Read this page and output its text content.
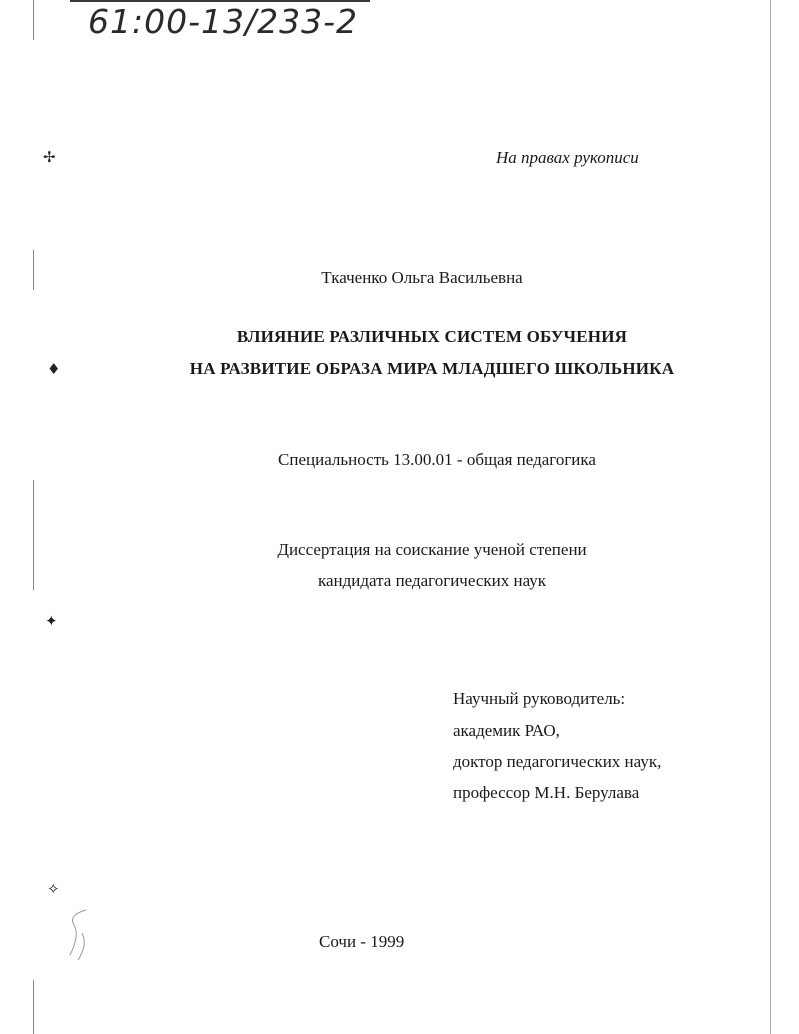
✢
♦
✦
✧
61:00-13/233-2
На правах рукописи
Ткаченко Ольга Васильевна
ВЛИЯНИЕ РАЗЛИЧНЫХ СИСТЕМ ОБУЧЕНИЯ
НА РАЗВИТИЕ ОБРАЗА МИРА МЛАДШЕГО ШКОЛЬНИКА
Специальность 13.00.01 - общая педагогика
Диссертация на соискание ученой степени
кандидата педагогических наук
Научный руководитель:
академик РАО,
доктор педагогических наук,
профессор М.Н. Берулава
Сочи - 1999
